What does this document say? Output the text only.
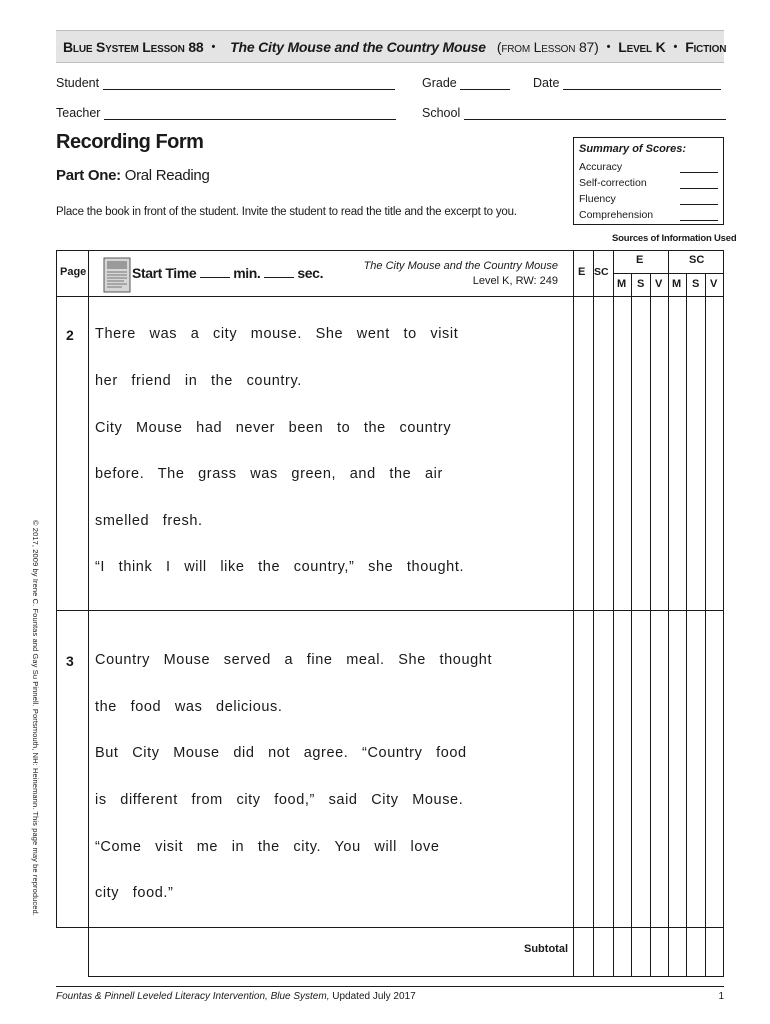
Blue System Lesson 88 • The City Mouse and the Country Mouse (from Lesson 87) • Level K • Fiction
Student	Grade	Date
Teacher	School
Recording Form
Part One: Oral Reading
Place the book in front of the student. Invite the student to read the title and the excerpt to you.
Summary of Scores:
Accuracy
Self-correction
Fluency
Comprehension
Sources of Information Used
© 2017, 2009 by Irene C. Fountas and Gay Su Pinnell. Portsmouth, NH: Heinemann. This page may be reproduced.
Page	Start Time	min.	sec.	The City Mouse and the Country Mouse
Level K, RW: 249
E SC
E	SC
M S V M S V
2 There was a city mouse. She went to visit
her friend in the country.
City Mouse had never been to the country
before. The grass was green, and the air
smelled fresh.
“I think I will like the country,” she thought.
3 Country Mouse served a fine meal. She thought
the food was delicious.
But City Mouse did not agree. “Country food
is different from city food,” said City Mouse.
“Come visit me in the city. You will love
city food.”
Subtotal
Fountas & Pinnell Leveled Literacy Intervention, Blue System, Updated July 2017	1
